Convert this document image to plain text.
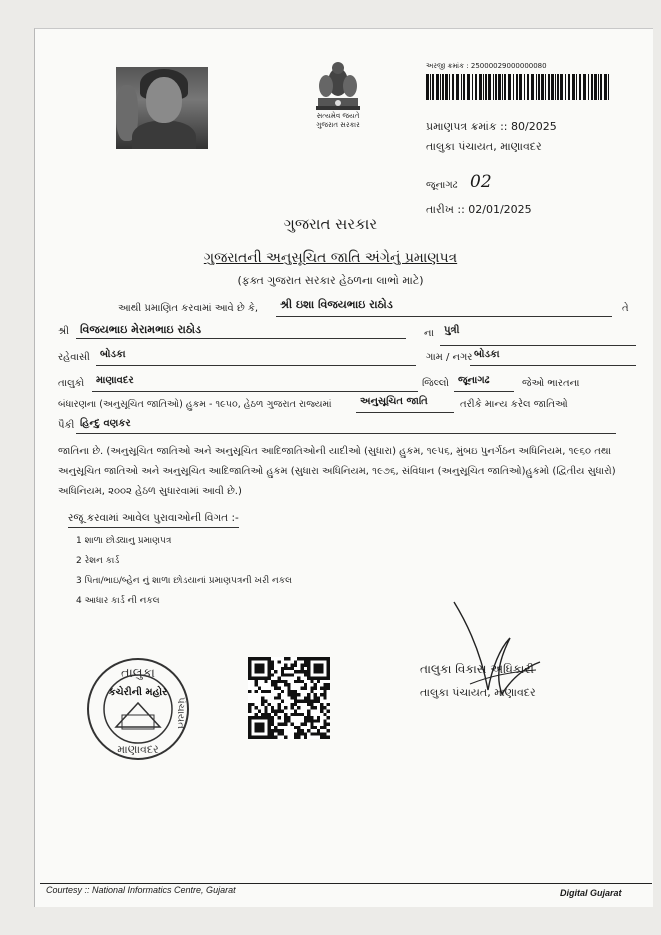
સત્યમેવ જયતે
ગુજરાત સરકાર
અરજી ક્રમાંક : 25000029000000080
પ્રમાણપત્ર ક્રમાંક :: 80/2025
તાલુકા પંચાયત, માણાવદર
જૂનાગઢ 02
તારીખ :: 02/01/2025
ગુજરાત સરકાર
ગુજરાતની અનુસૂચિત જાતિ અંગેનું પ્રમાણપત્ર
(ફક્ત ગુજરાત સરકાર હેઠળના લાભો માટે)
આથી પ્રમાણિત કરવામાં આવે છે કે, શ્રી ઇશા વિજયભાઇ રાઠોડ	તે
શ્રી વિજયભાઇ મેરામભાઇ રાઠોડ	ના પુત્રી
રહેવાસી બોડકા	ગામ / નગર બોડકા
તાલુકો માણાવદર	જિલ્લો જૂનાગઢ	જેઓ ભારતના
બંધારણના (અનુસૂચિત જાતિઓ) હુકમ - ૧૯૫૦, હેઠળ ગુજરાત રાજ્યમાં	અનુસૂચિત જાતિ	તરીકે માન્ય કરેલ જાતિઓ
પૈકી હિન્દુ વણકર
જાતિના છે. (અનુસૂચિત જાતિઓ અને અનુસૂચિત આદિજાતિઓની યાદીઓ (સુધારા) હુકમ, ૧૯૫૬, મુંબઇ પુનર્ગઠન અધિનિયમ, ૧૯૬૦ તથા અનુસૂચિત જાતિઓ અને અનુસૂચિત આદિજાતિઓ હુકમ (સુધારા અધિનિયમ, ૧૯૭૬, સંવિધાન (અનુસૂચિત જાતિઓ)હુકમો (દ્વિતીય સુધારો) અધિનિયમ, ૨૦૦૨ હેઠળ સુધારવામાં આવી છે.)
રજૂ કરવામાં આવેલ પુરાવાઓની વિગત :-
1 શાળા છોડ્યાનુ પ્રમાણપત્ર
2 રેશન કાર્ડ
3 પિતા/ભાઇ/બ્હેન નું શાળા છોડયાનાં પ્રમાણપત્રની ખરી નકલ
4 આધાર કાર્ડ ની નકલ
તાલુકા
માણાવદર
પંચાયત
કચેરીની મહોર
તાલુકા વિકાસ અધિકારી
તાલુકા પંચાયત, માણાવદર
Courtesy :: National Informatics Centre, Gujarat	Digital Gujarat
